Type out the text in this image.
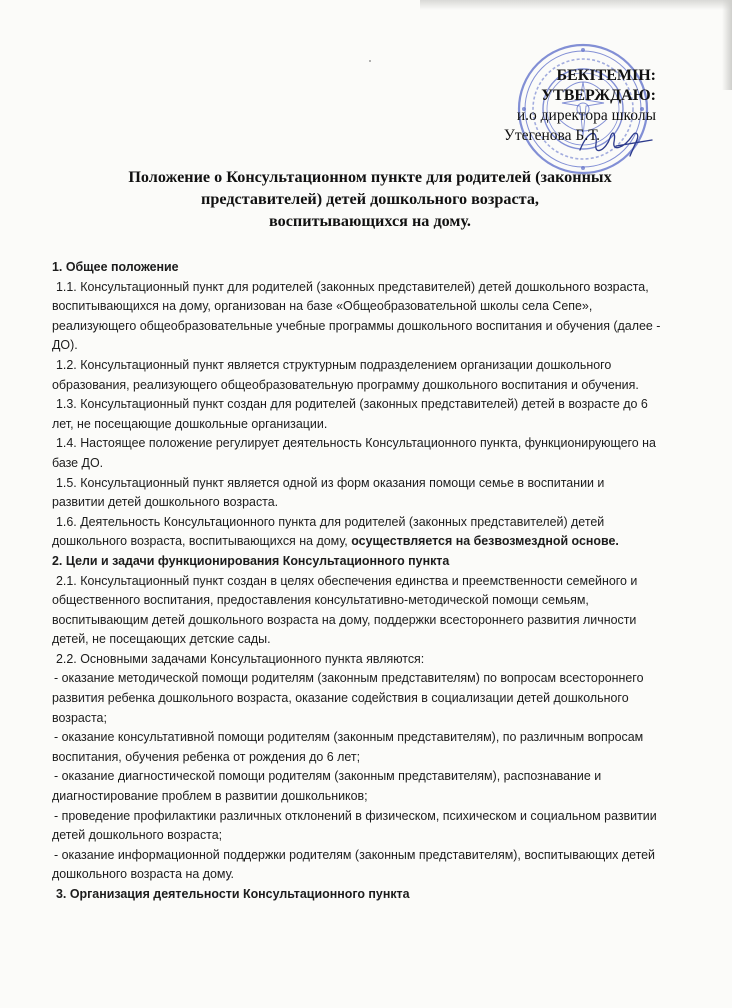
БЕКІТЕМІН:
УТВЕРЖДАЮ:
и.о директора школы
Утегенова Б.Т.
Положение о Консультационном пункте для родителей (законных
представителей) детей дошкольного возраста,
воспитывающихся на дому.

1. Общее положение

1.1. Консультационный пункт для родителей (законных представителей) детей дошкольного возраста,

воспитывающихся на дому, организован на базе «Общеобразовательной школы села Сепе»,

реализующего общеобразовательные учебные программы дошкольного воспитания и обучения (далее -

ДО).

1.2. Консультационный пункт является структурным подразделением организации дошкольного

образования, реализующего общеобразовательную программу дошкольного воспитания и обучения.

1.3. Консультационный пункт создан для родителей (законных представителей) детей в возрасте до 6

лет, не посещающие дошкольные организации.

1.4. Настоящее положение регулирует деятельность Консультационного пункта, функционирующего на

базе ДО.

1.5. Консультационный пункт является одной из форм оказания помощи семье в воспитании и

развитии детей дошкольного возраста.

1.6. Деятельность Консультационного пункта для родителей (законных представителей) детей

дошкольного возраста, воспитывающихся на дому, осуществляется на безвозмездной основе.

2. Цели и задачи функционирования Консультационного пункта

2.1. Консультационный пункт создан в целях обеспечения единства и преемственности семейного и

общественного воспитания, предоставления консультативно-методической помощи семьям,

воспитывающим детей дошкольного возраста на дому, поддержки всестороннего развития личности

детей, не посещающих детские сады.

2.2. Основными задачами Консультационного пункта являются:

- оказание методической помощи родителям (законным представителям) по вопросам всестороннего

развития ребенка дошкольного возраста, оказание содействия в социализации детей дошкольного

возраста;

- оказание консультативной помощи родителям (законным представителям), по различным вопросам

воспитания, обучения ребенка от рождения до 6 лет;

- оказание диагностической помощи родителям (законным представителям), распознавание и

диагностирование проблем в развитии дошкольников;

- проведение профилактики различных отклонений в физическом, психическом и социальном развитии

детей дошкольного возраста;

- оказание информационной поддержки родителям (законным представителям), воспитывающих детей

дошкольного возраста на дому.

3. Организация деятельности Консультационного пункта
